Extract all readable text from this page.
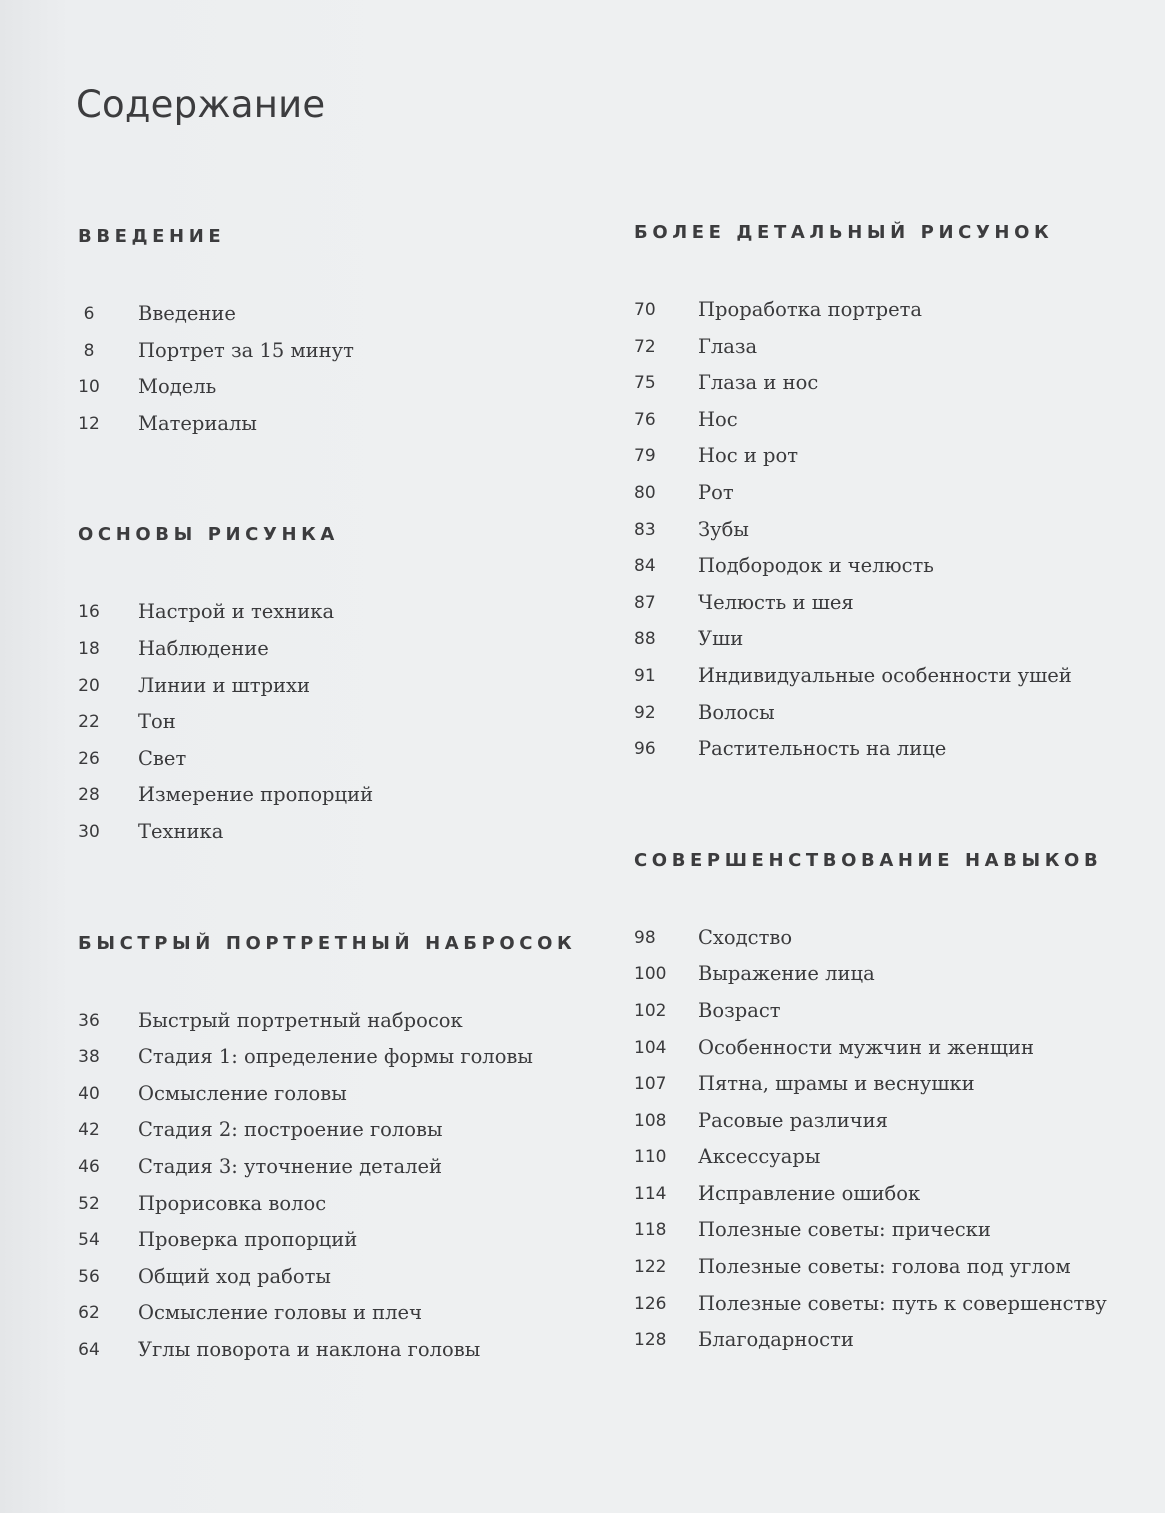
Содержание
ВВЕДЕНИЕ
6 Введение
8 Портрет за 15 минут
10 Модель
12 Материалы
ОСНОВЫ РИСУНКА
16 Настрой и техника
18 Наблюдение
20 Линии и штрихи
22 Тон
26 Свет
28 Измерение пропорций
30 Техника
БЫСТРЫЙ ПОРТРЕТНЫЙ НАБРОСОК
36 Быстрый портретный набросок
38 Стадия 1: определение формы головы
40 Осмысление головы
42 Стадия 2: построение головы
46 Стадия 3: уточнение деталей
52 Прорисовка волос
54 Проверка пропорций
56 Общий ход работы
62 Осмысление головы и плеч
64 Углы поворота и наклона головы
БОЛЕЕ ДЕТАЛЬНЫЙ РИСУНОК
70	Проработка портрета
72	Глаза
75	Глаза и нос
76	Нос
79	Нос и рот
80	Рот
83	Зубы
84	Подбородок и челюсть
87	Челюсть и шея
88	Уши
91	Индивидуальные особенности ушей
92	Волосы
96	Растительность на лице
СОВЕРШЕНСТВОВАНИЕ НАВЫКОВ
98	Сходство
100	Выражение лица
102	Возраст
104	Особенности мужчин и женщин
107	Пятна, шрамы и веснушки
108	Расовые различия
110	Аксессуары
114	Исправление ошибок
118	Полезные советы: прически
122	Полезные советы: голова под углом
126	Полезные советы: путь к совершенству
128	Благодарности
